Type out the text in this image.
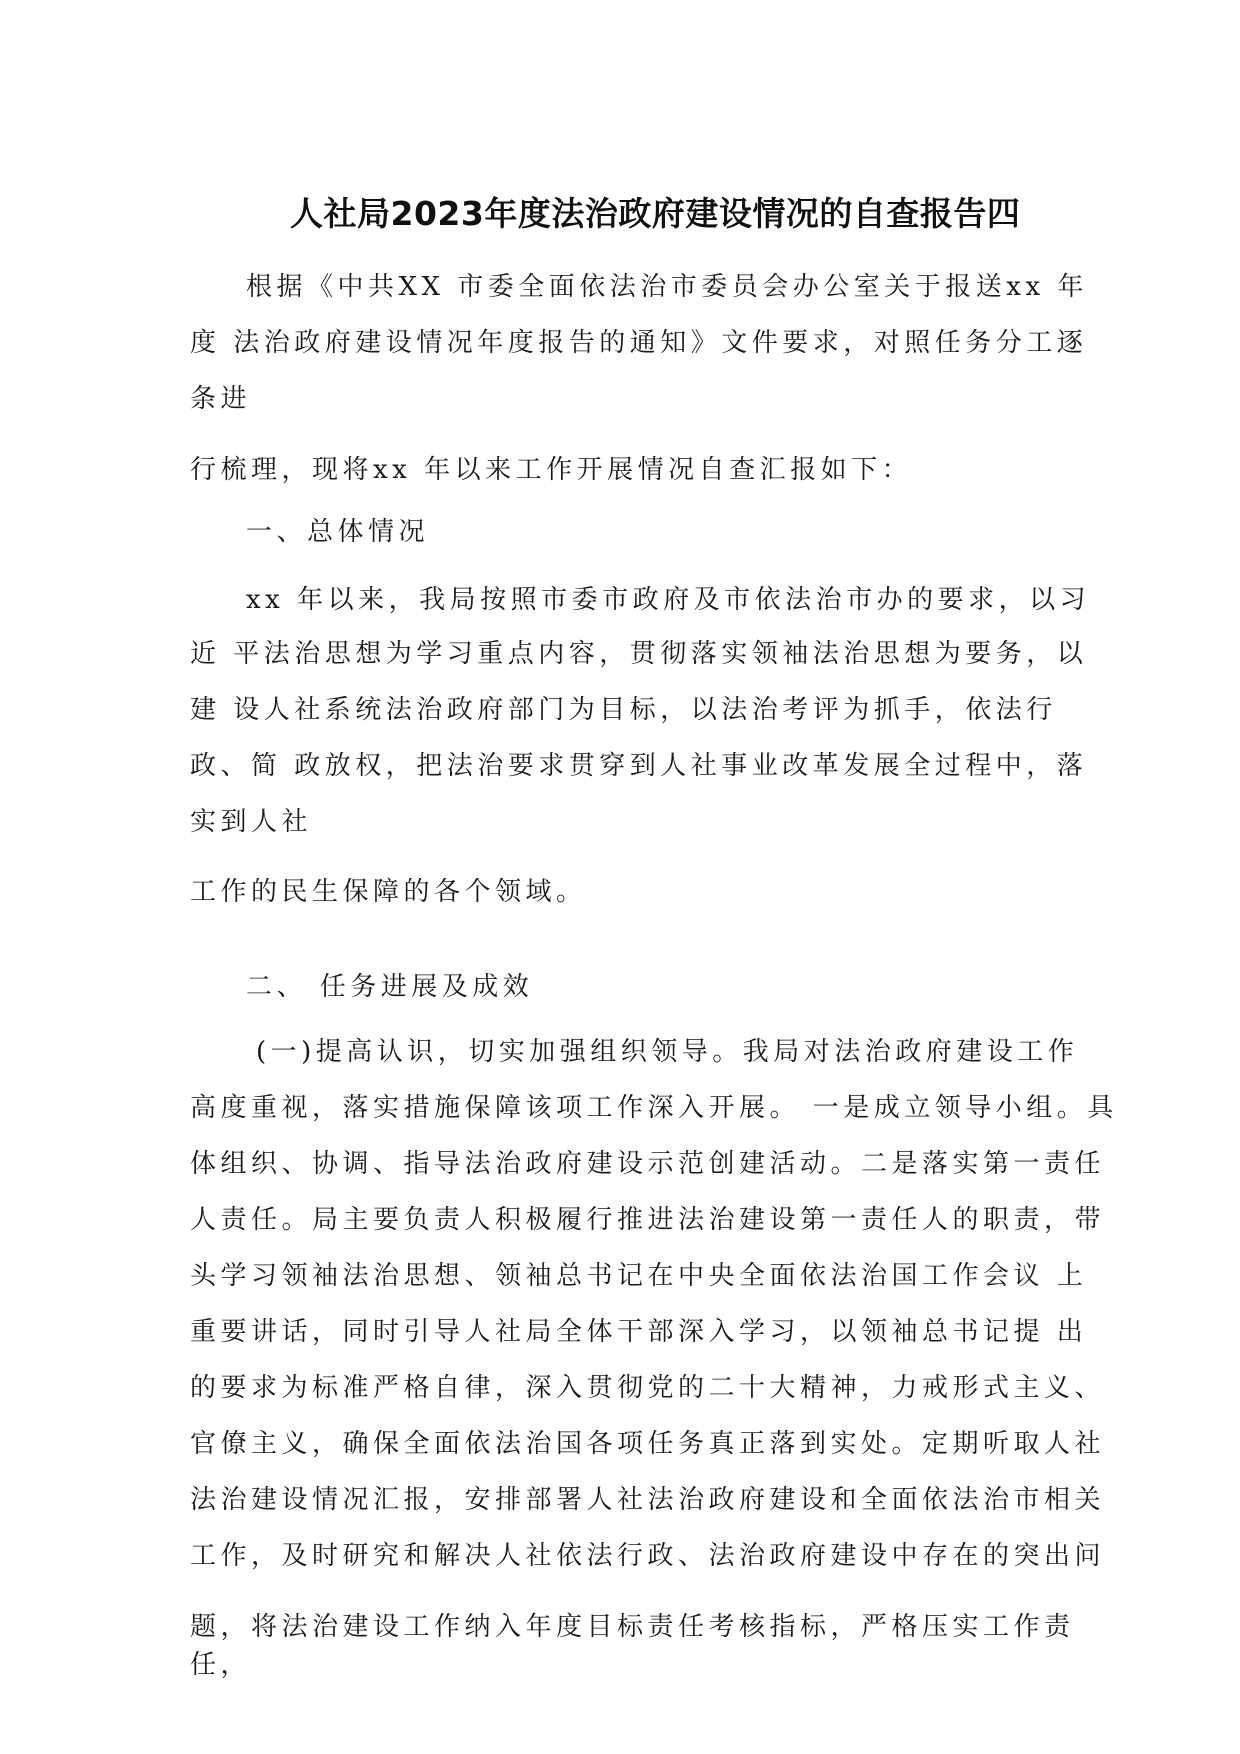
人社局2023年度法治政府建设情况的自查报告四
根据《中共XX 市委全面依法治市委员会办公室关于报送xx 年
度 法治政府建设情况年度报告的通知》文件要求，对照任务分工逐
条进
行梳理，现将xx 年以来工作开展情况自查汇报如下：
一、总体情况
xx 年以来，我局按照市委市政府及市依法治市办的要求，以习
近 平法治思想为学习重点内容，贯彻落实领袖法治思想为要务，以
建 设人社系统法治政府部门为目标，以法治考评为抓手，依法行
政、简 政放权，把法治要求贯穿到人社事业改革发展全过程中，落
实到人社
工作的民生保障的各个领域。
二、 任务进展及成效
(一)提高认识，切实加强组织领导。我局对法治政府建设工作
高度重视，落实措施保障该项工作深入开展。 一是成立领导小组。具
体组织、协调、指导法治政府建设示范创建活动。二是落实第一责任
人责任。局主要负责人积极履行推进法治建设第一责任人的职责，带
头学习领袖法治思想、领袖总书记在中央全面依法治国工作会议 上
重要讲话，同时引导人社局全体干部深入学习，以领袖总书记提 出
的要求为标准严格自律，深入贯彻党的二十大精神，力戒形式主义、
官僚主义，确保全面依法治国各项任务真正落到实处。定期听取人社
法治建设情况汇报，安排部署人社法治政府建设和全面依法治市相关
工作，及时研究和解决人社依法行政、法治政府建设中存在的突出问
题，将法治建设工作纳入年度目标责任考核指标，严格压实工作责
任，
